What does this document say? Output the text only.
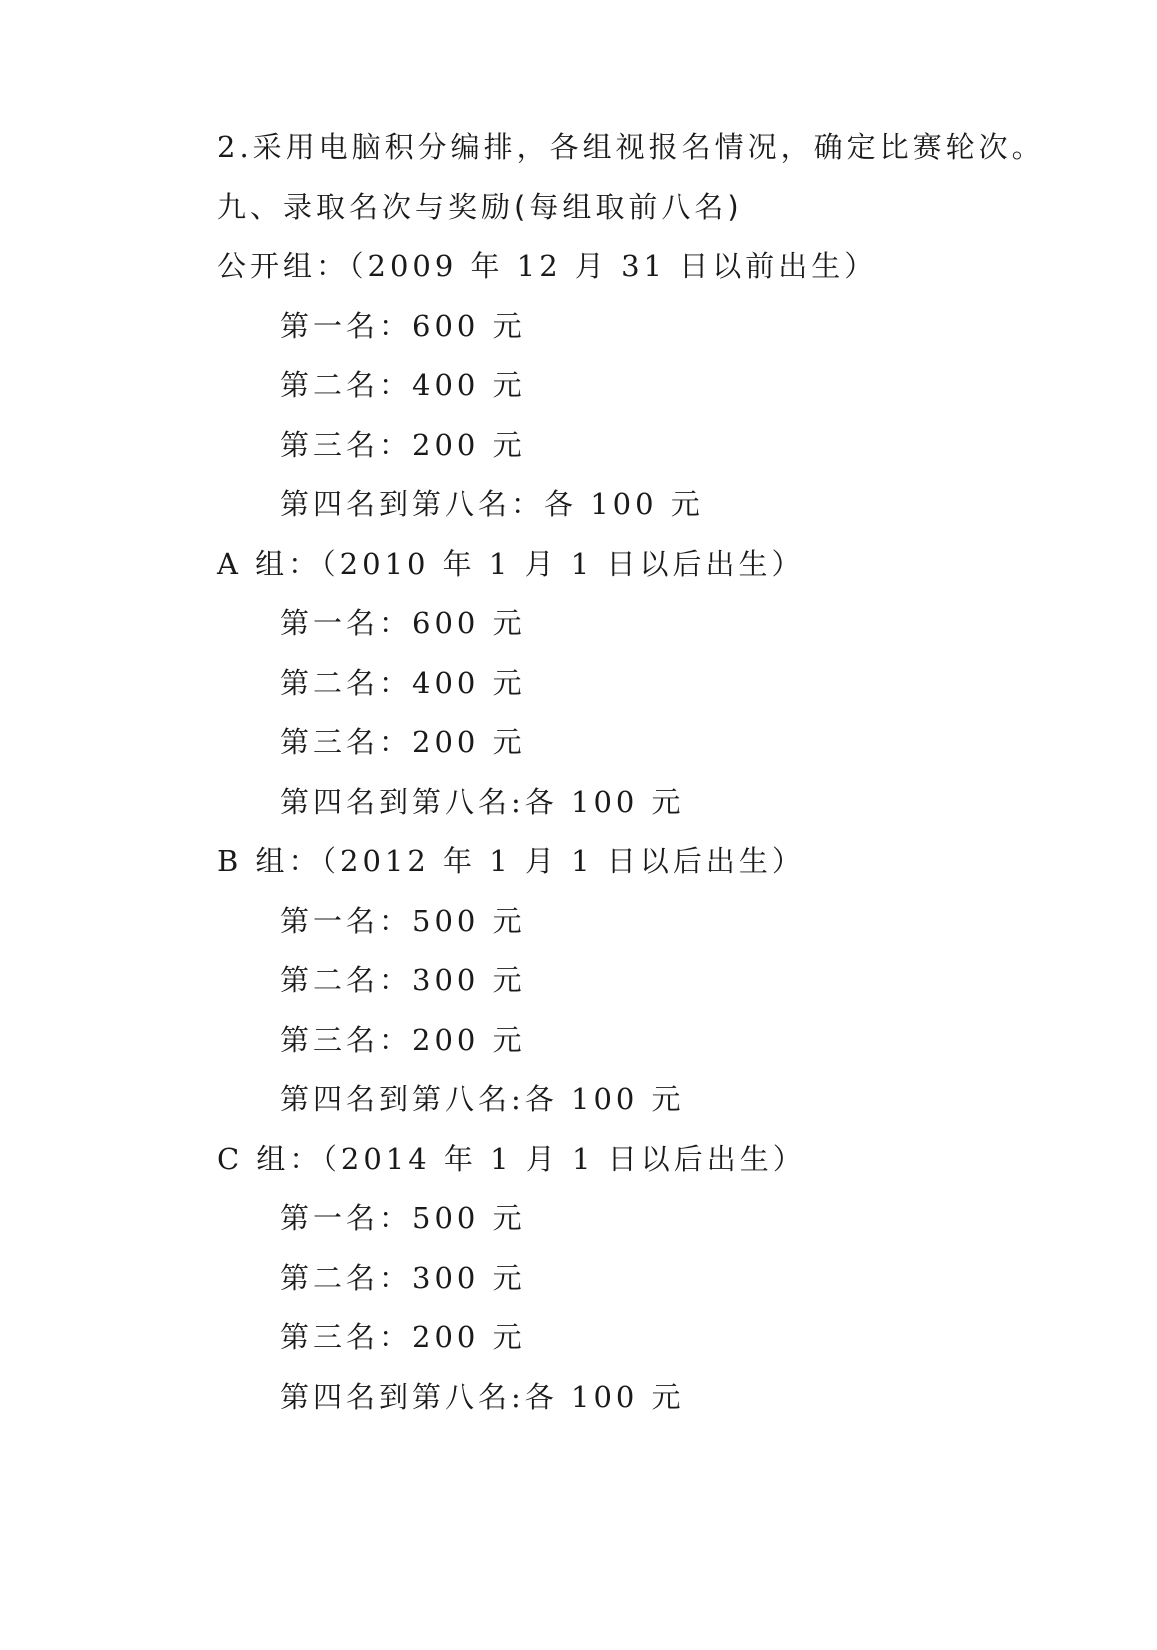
2.采用电脑积分编排，各组视报名情况，确定比赛轮次。
九、录取名次与奖励(每组取前八名)
公开组：（2009 年 12 月 31 日以前出生）
第一名：600 元
第二名：400 元
第三名：200 元
第四名到第八名：各 100 元
A 组：（2010 年 1 月 1 日以后出生）
第一名：600 元
第二名：400 元
第三名：200 元
第四名到第八名:各 100 元
B 组：（2012 年 1 月 1 日以后出生）
第一名：500 元
第二名：300 元
第三名：200 元
第四名到第八名:各 100 元
C 组：（2014 年 1 月 1 日以后出生）
第一名：500 元
第二名：300 元
第三名：200 元
第四名到第八名:各 100 元
